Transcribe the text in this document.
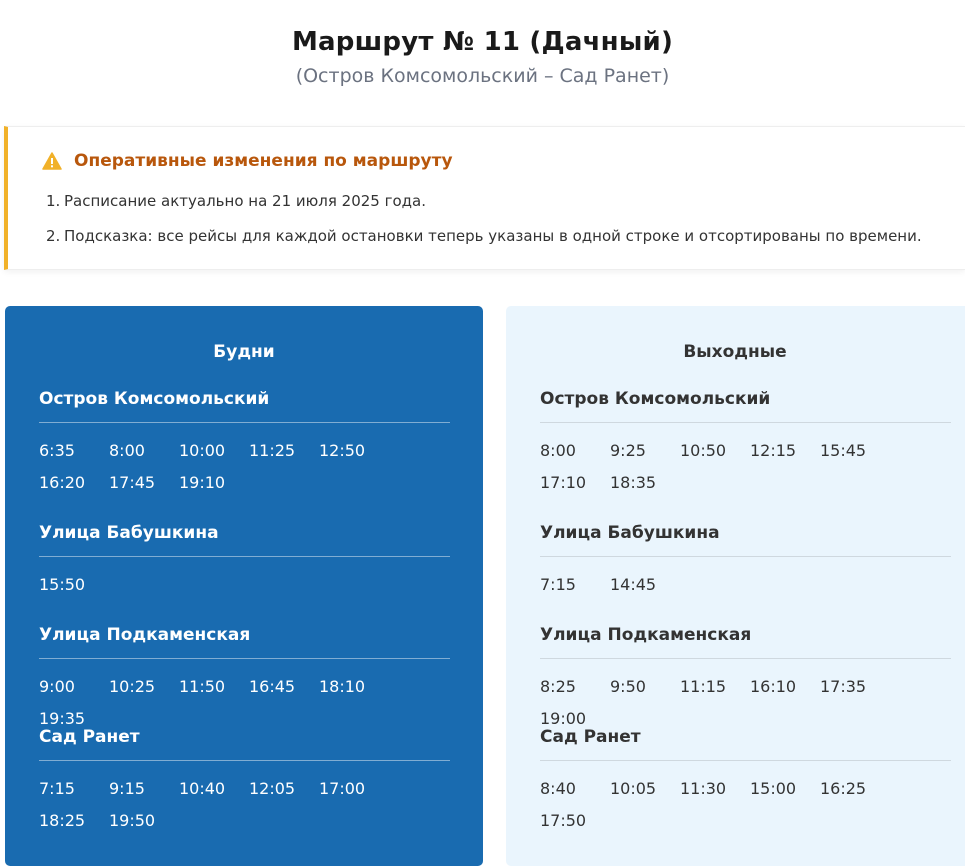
Маршрут № 11 (Дачный)
(Остров Комсомольский – Сад Ранет)
Оперативные изменения по маршруту
1. Расписание актуально на 21 июля 2025 года.
2. Подсказка: все рейсы для каждой остановки теперь указаны в одной строке и отсортированы по времени.
Будни
Остров Комсомольский
6:35	8:00	10:00	11:25	12:50
16:20	17:45	19:10
Улица Бабушкина
15:50
Улица Подкаменская
9:00	10:25	11:50	16:45	18:10
19:35
Сад Ранет
7:15	9:15	10:40	12:05	17:00
18:25	19:50
Выходные
Остров Комсомольский
8:00	9:25	10:50	12:15	15:45
17:10	18:35
Улица Бабушкина
7:15	14:45
Улица Подкаменская
8:25	9:50	11:15	16:10	17:35
19:00
Сад Ранет
8:40	10:05	11:30	15:00	16:25
17:50
